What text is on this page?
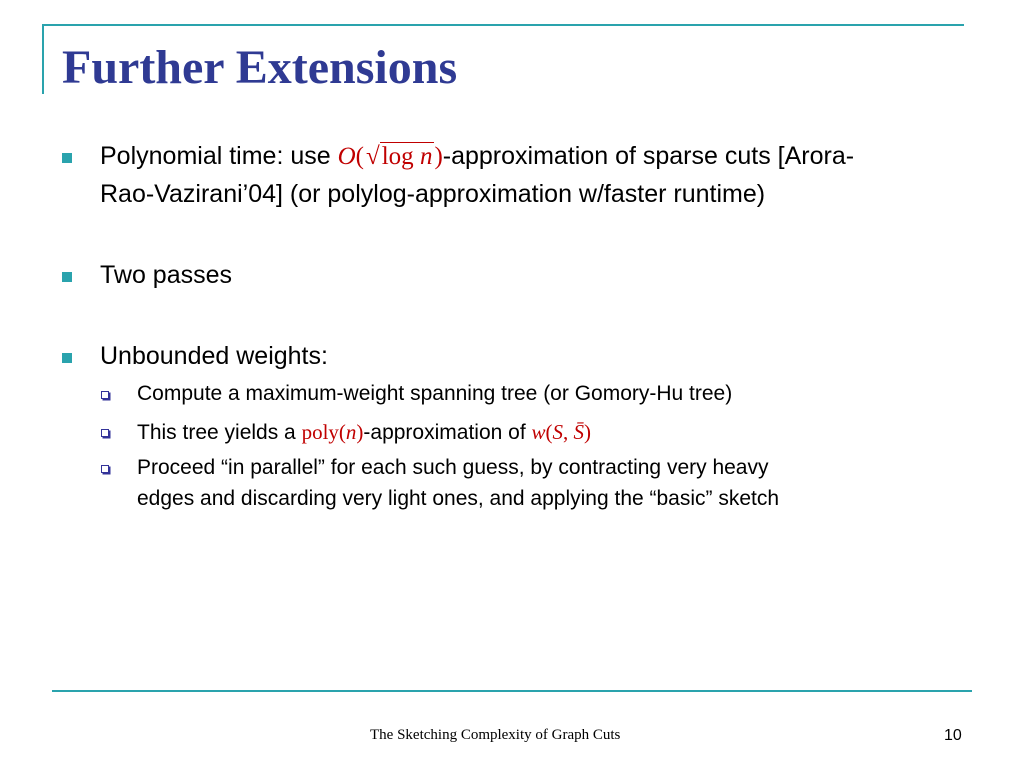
Further Extensions
Polynomial time: use O(√log n)-approximation of sparse cuts [Arora-
Rao-Vazirani’04] (or polylog-approximation w/faster runtime)
Two passes
Unbounded weights:
Compute a maximum-weight spanning tree (or Gomory-Hu tree)
This tree yields a poly(n)-approximation of w(S, S̄)
Proceed “in parallel” for each such guess, by contracting very heavy
edges and discarding very light ones, and applying the “basic” sketch
The Sketching Complexity of Graph Cuts	10
